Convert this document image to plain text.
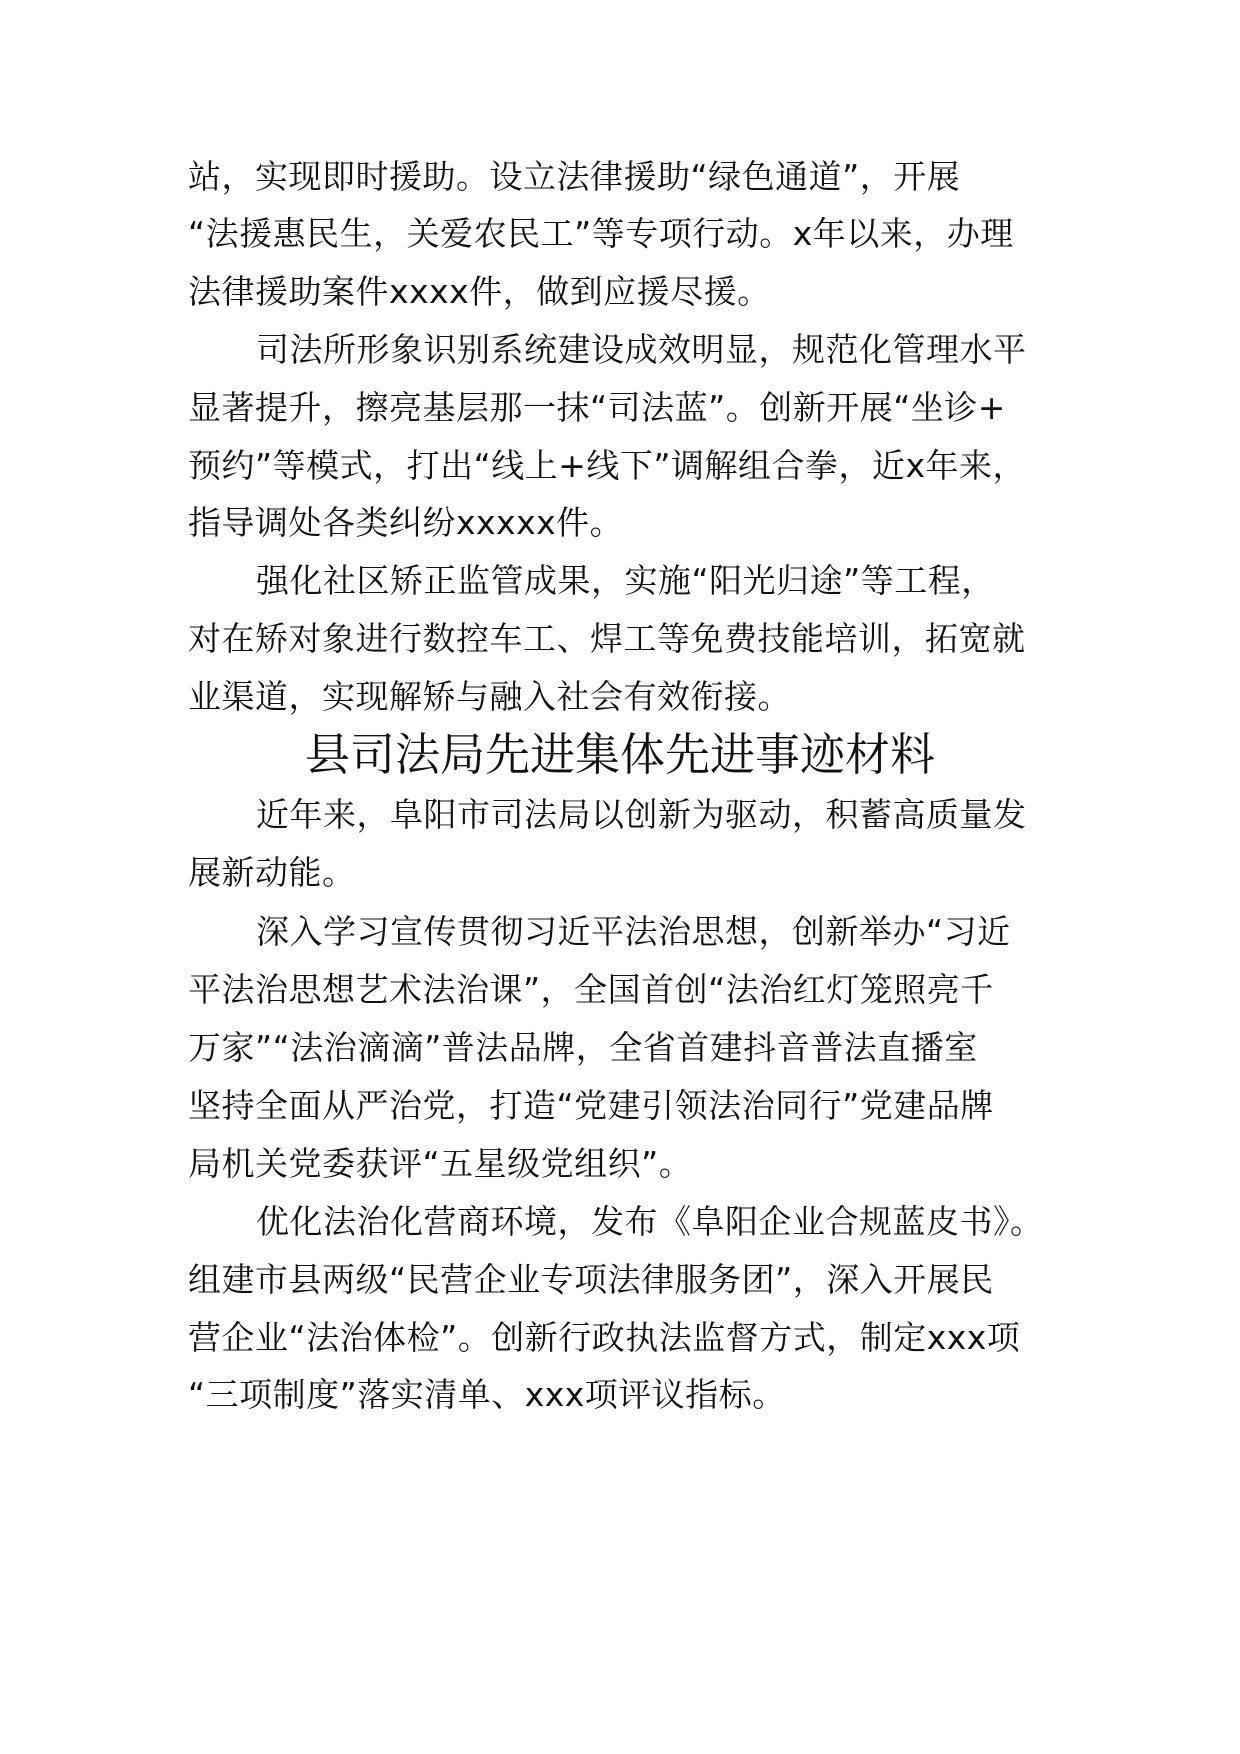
站，实现即时援助。设立法律援助“绿色通道”，开展
“法援惠民生，关爱农民工”等专项行动。x年以来，办理
法律援助案件xxxx件，做到应援尽援。
司法所形象识别系统建设成效明显，规范化管理水平
显著提升，擦亮基层那一抹“司法蓝”。创新开展“坐诊+
预约”等模式，打出“线上+线下”调解组合拳，近x年来，
指导调处各类纠纷xxxxx件。
强化社区矫正监管成果，实施“阳光归途”等工程，
对在矫对象进行数控车工、焊工等免费技能培训，拓宽就
业渠道，实现解矫与融入社会有效衔接。
县司法局先进集体先进事迹材料
近年来，阜阳市司法局以创新为驱动，积蓄高质量发
展新动能。
深入学习宣传贯彻习近平法治思想，创新举办“习近
平法治思想艺术法治课”，全国首创“法治红灯笼照亮千
万家”“法治滴滴”普法品牌，全省首建抖音普法直播室
坚持全面从严治党，打造“党建引领法治同行”党建品牌
局机关党委获评“五星级党组织”。
优化法治化营商环境，发布《阜阳企业合规蓝皮书》。
组建市县两级“民营企业专项法律服务团”，深入开展民
营企业“法治体检”。创新行政执法监督方式，制定xxx项
“三项制度”落实清单、xxx项评议指标。
